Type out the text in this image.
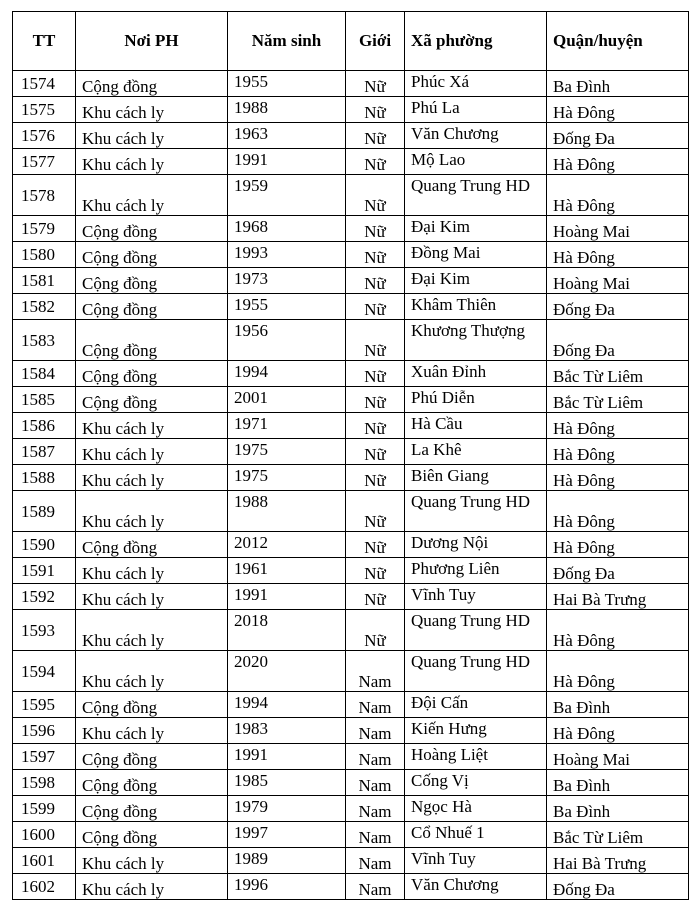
TT	Nơi PH	Năm sinh	Giới	Xã phường	Quận/huyện
1574	Cộng đồng	1955	Nữ	Phúc Xá	Ba Đình
1575	Khu cách ly	1988	Nữ	Phú La	Hà Đông
1576	Khu cách ly	1963	Nữ	Văn Chương	Đống Đa
1577	Khu cách ly	1991	Nữ	Mộ Lao	Hà Đông
1578	Khu cách ly	1959	Nữ	Quang Trung HD	Hà Đông
1579	Cộng đồng	1968	Nữ	Đại Kim	Hoàng Mai
1580	Cộng đồng	1993	Nữ	Đồng Mai	Hà Đông
1581	Cộng đồng	1973	Nữ	Đại Kim	Hoàng Mai
1582	Cộng đồng	1955	Nữ	Khâm Thiên	Đống Đa
1583	Cộng đồng	1956	Nữ	Khương Thượng	Đống Đa
1584	Cộng đồng	1994	Nữ	Xuân Đỉnh	Bắc Từ Liêm
1585	Cộng đồng	2001	Nữ	Phú Diễn	Bắc Từ Liêm
1586	Khu cách ly	1971	Nữ	Hà Cầu	Hà Đông
1587	Khu cách ly	1975	Nữ	La Khê	Hà Đông
1588	Khu cách ly	1975	Nữ	Biên Giang	Hà Đông
1589	Khu cách ly	1988	Nữ	Quang Trung HD	Hà Đông
1590	Cộng đồng	2012	Nữ	Dương Nội	Hà Đông
1591	Khu cách ly	1961	Nữ	Phương Liên	Đống Đa
1592	Khu cách ly	1991	Nữ	Vĩnh Tuy	Hai Bà Trưng
1593	Khu cách ly	2018	Nữ	Quang Trung HD	Hà Đông
1594	Khu cách ly	2020	Nam	Quang Trung HD	Hà Đông
1595	Cộng đồng	1994	Nam	Đội Cấn	Ba Đình
1596	Khu cách ly	1983	Nam	Kiến Hưng	Hà Đông
1597	Cộng đồng	1991	Nam	Hoàng Liệt	Hoàng Mai
1598	Cộng đồng	1985	Nam	Cống Vị	Ba Đình
1599	Cộng đồng	1979	Nam	Ngọc Hà	Ba Đình
1600	Cộng đồng	1997	Nam	Cổ Nhuế 1	Bắc Từ Liêm
1601	Khu cách ly	1989	Nam	Vĩnh Tuy	Hai Bà Trưng
1602	Khu cách ly	1996	Nam	Văn Chương	Đống Đa
